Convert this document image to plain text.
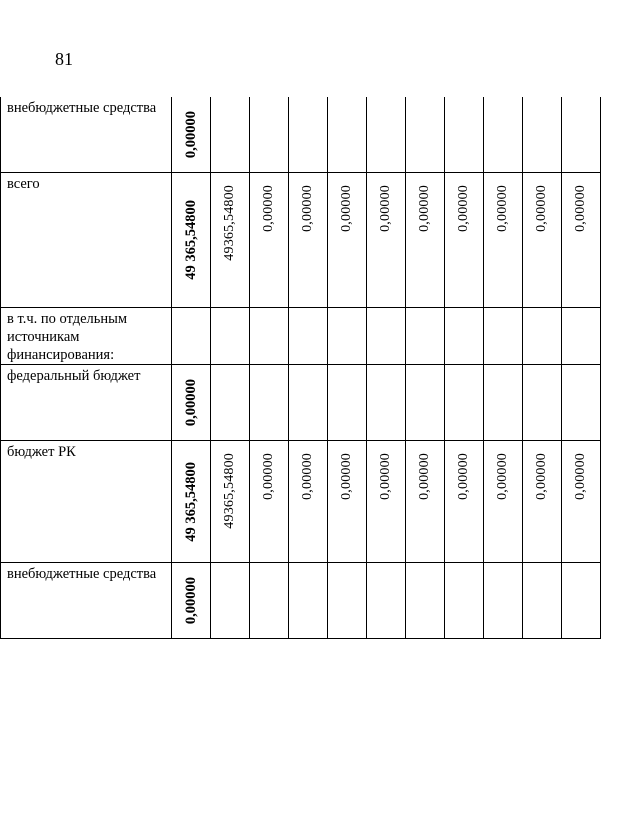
81
внебюджетные средства	0,00000										

всего	49 365,54800	49365,54800	0,00000	0,00000	0,00000	0,00000	0,00000	0,00000	0,00000	0,00000	0,00000

в т.ч. по отдельным источникам финансирования:	

федеральный бюджет	0,00000										

бюджет РК	49 365,54800	49365,54800	0,00000	0,00000	0,00000	0,00000	0,00000	0,00000	0,00000	0,00000	0,00000

внебюджетные средства	0,00000										
